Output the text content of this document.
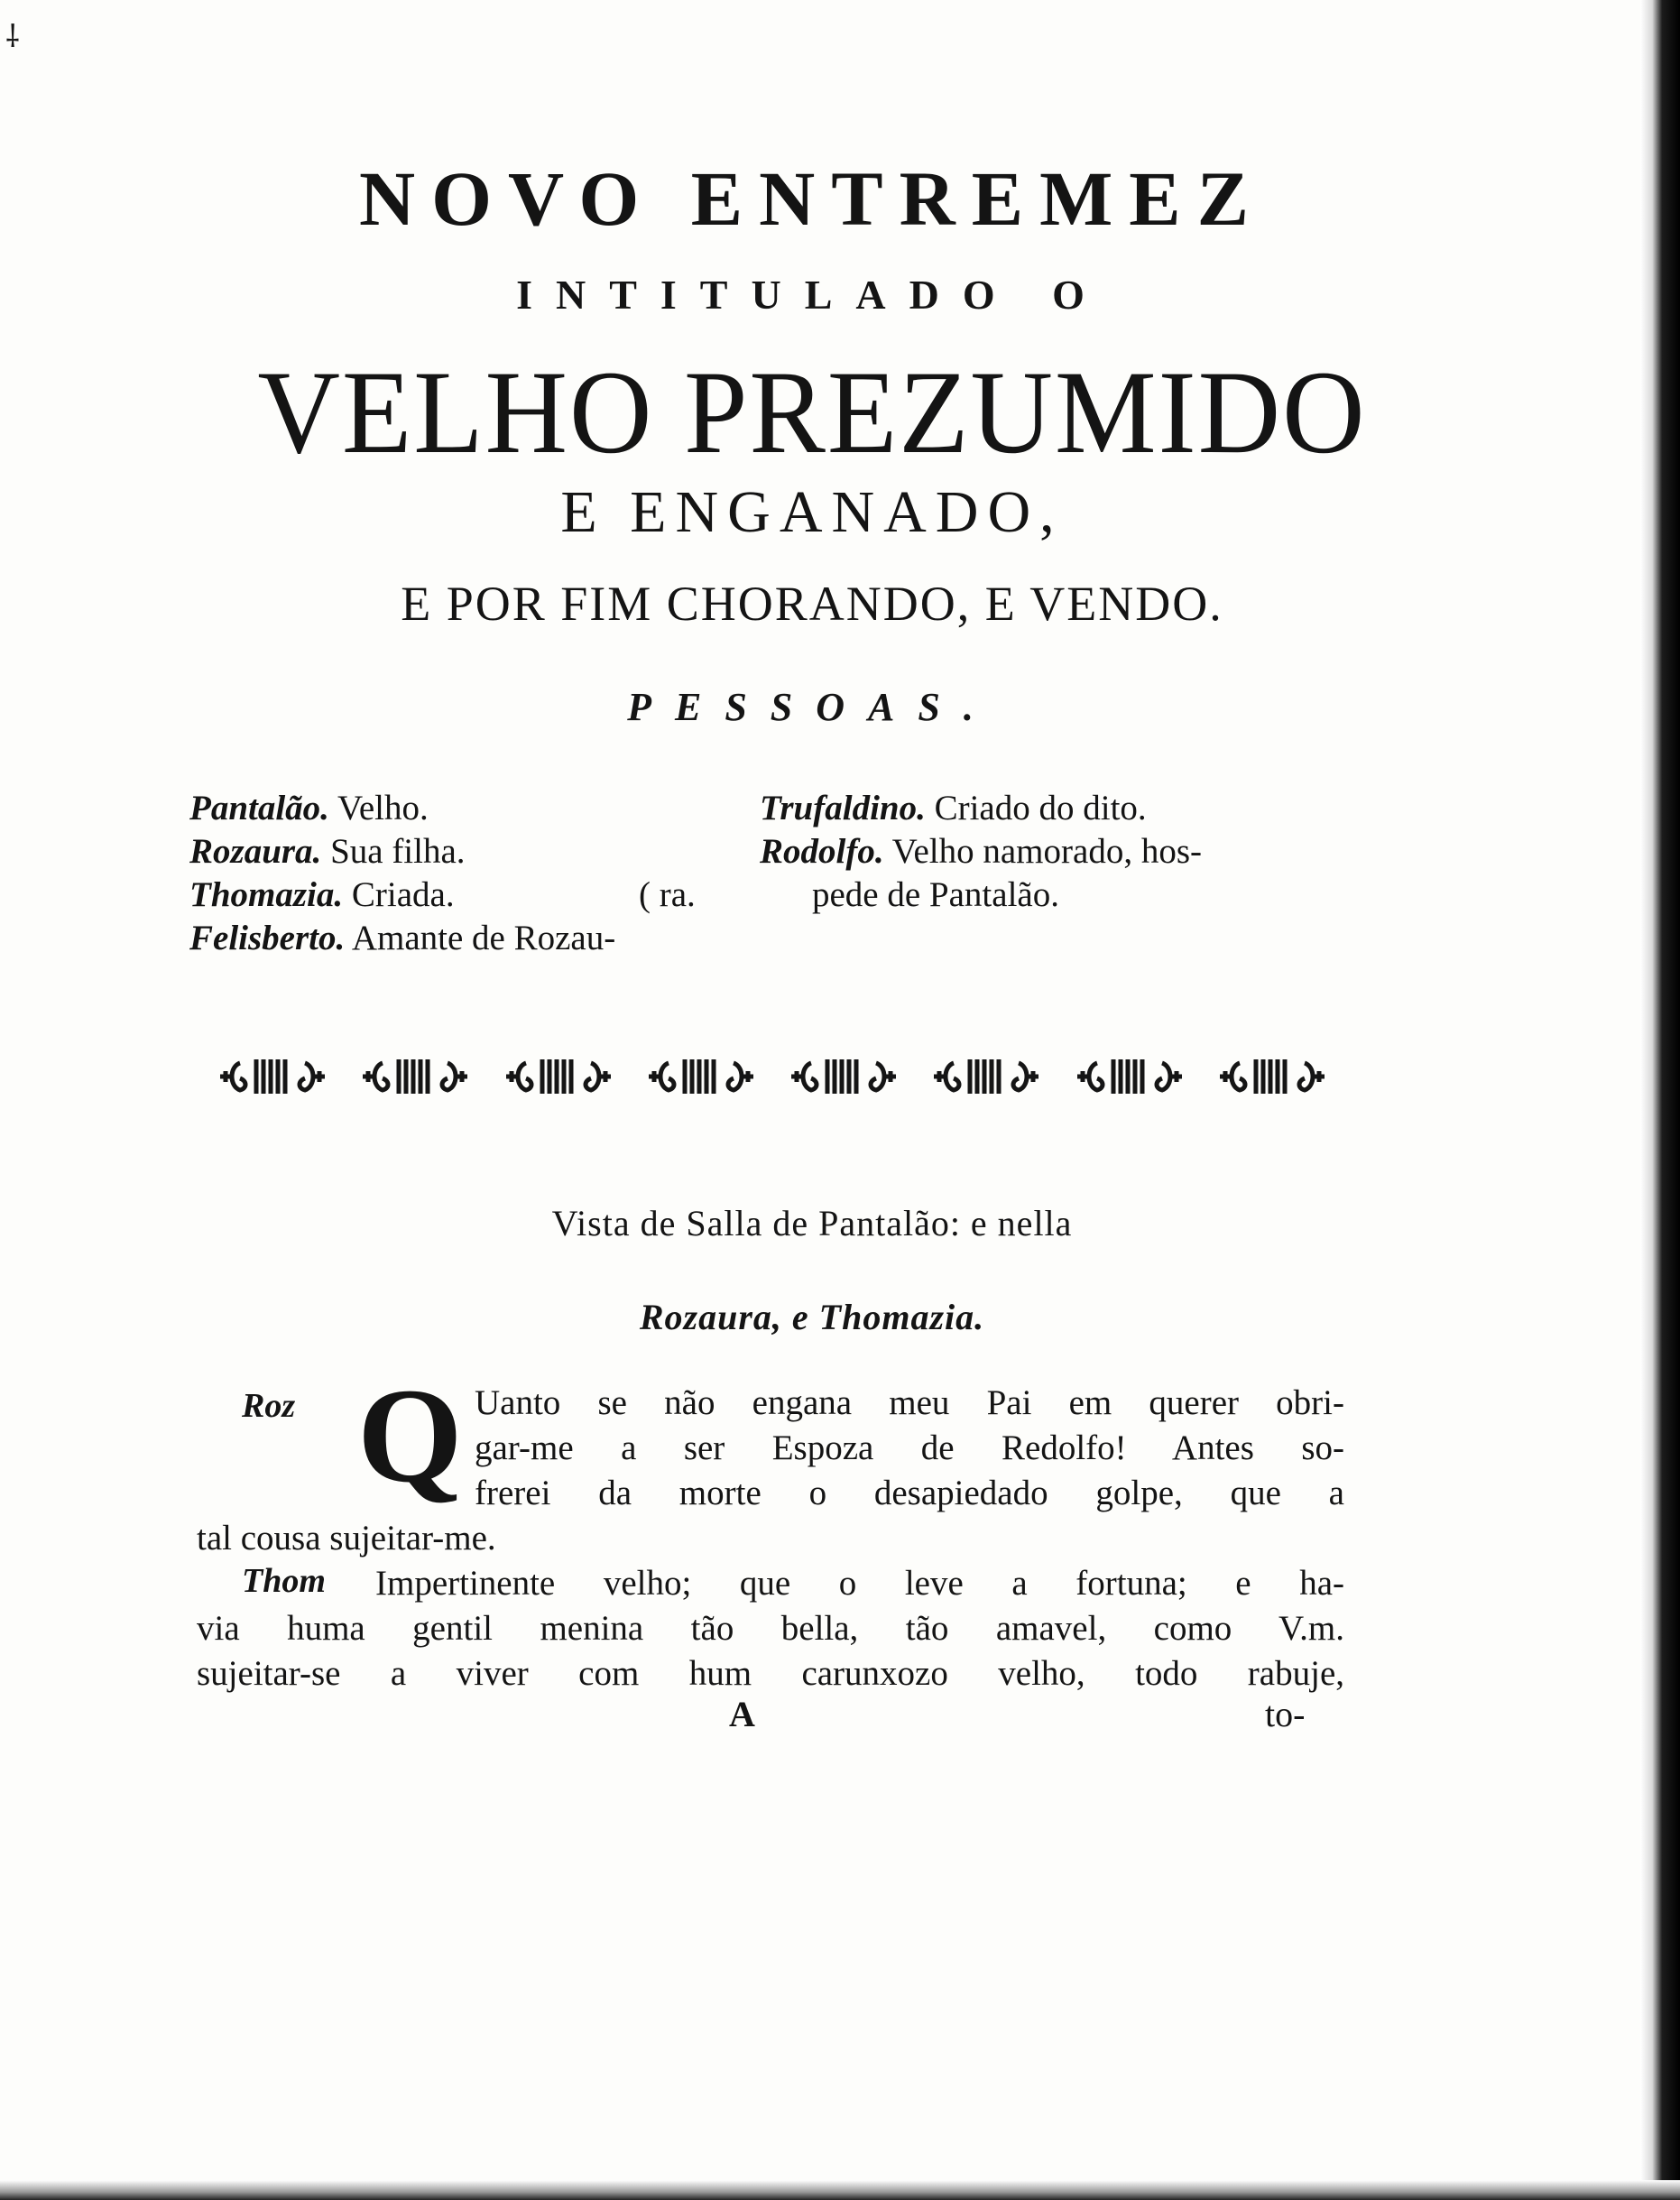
⸸
NOVO ENTREMEZ
INTITULADO O
VELHO PREZUMIDO
E ENGANADO,
E POR FIM CHORANDO, E VENDO.
PESSOAS.
Pantalão. Velho.
Rozaura. Sua filha.
Thomazia. Criada.
Felisberto. Amante de Rozau-
( ra.
Trufaldino. Criado do dito.
Rodolfo. Velho namorado, hos-
pede de Pantalão.
Vista de Salla de Pantalão: e nella
Rozaura, e Thomazia.
Roz Q Uanto se não engana meu Pai em querer obri-
gar-me a ser Espoza de Redolfo! Antes so-
frerei da morte o desapiedado golpe, que a
tal cousa sujeitar-me.
Thom Impertinente velho; que o leve a fortuna; e ha-
via huma gentil menina tão bella, tão amavel, como V.m.
sujeitar-se a viver com hum carunxozo velho, todo rabuje,
A	to-
